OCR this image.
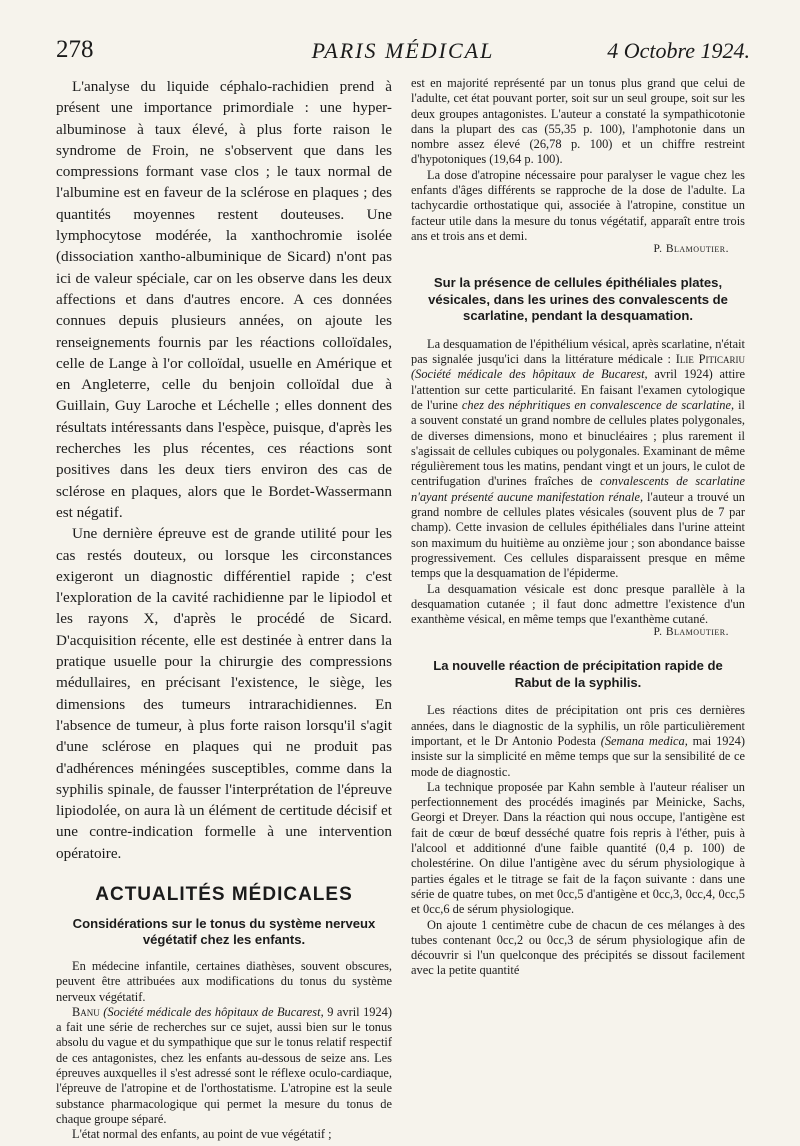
278	PARIS MÉDICAL	4 Octobre 1924.

L'analyse du liquide céphalo-rachidien prend à présent une importance primordiale : une hyper-albuminose à taux élevé, à plus forte raison le syndrome de Froin, ne s'observent que dans les compressions formant vase clos ; le taux normal de l'albumine est en faveur de la sclérose en plaques ; des quantités moyennes restent douteuses. Une lymphocytose modérée, la xanthochromie isolée (dissociation xantho-albuminique de Sicard) n'ont pas ici de valeur spéciale, car on les observe dans les deux affections et dans d'autres encore. A ces données connues depuis plusieurs années, on ajoute les renseignements fournis par les réactions colloïdales, celle de Lange à l'or colloïdal, usuelle en Amérique et en Angleterre, celle du benjoin colloïdal due à Guillain, Guy Laroche et Léchelle ; elles donnent des résultats intéressants dans l'espèce, puisque, d'après les recherches les plus récentes, ces réactions sont positives dans les deux tiers environ des cas de sclérose en plaques, alors que le Bordet-Wassermann est négatif.

Une dernière épreuve est de grande utilité pour les cas restés douteux, ou lorsque les circonstances exigeront un diagnostic différentiel rapide ; c'est l'exploration de la cavité rachidienne par le lipiodol et les rayons X, d'après le procédé de Sicard. D'acquisition récente, elle est destinée à entrer dans la pratique usuelle pour la chirurgie des compressions médullaires, en précisant l'existence, le siège, les dimensions des tumeurs intrarachidiennes. En l'absence de tumeur, à plus forte raison lorsqu'il s'agit d'une sclérose en plaques qui ne produit pas d'adhérences méningées susceptibles, comme dans la syphilis spinale, de fausser l'interprétation de l'épreuve lipiodolée, on aura là un élément de certitude décisif et une contre-indication formelle à une intervention opératoire.

ACTUALITÉS MÉDICALES
Considérations sur le tonus du système nerveux végétatif chez les enfants.

En médecine infantile, certaines diathèses, souvent obscures, peuvent être attribuées aux modifications du tonus du système nerveux végétatif.

Banu (Société médicale des hôpitaux de Bucarest, 9 avril 1924) a fait une série de recherches sur ce sujet, aussi bien sur le tonus absolu du vague et du sympathique que sur le tonus relatif respectif de ces antagonistes, chez les enfants au-dessous de seize ans. Les épreuves auxquelles il s'est adressé sont le réflexe oculo-cardiaque, l'épreuve de l'atropine et de l'orthostatisme. L'atropine est la seule substance pharmacologique qui permet la mesure du tonus de chaque groupe séparé.

L'état normal des enfants, au point de vue végétatif ;

est en majorité représenté par un tonus plus grand que celui de l'adulte, cet état pouvant porter, soit sur un seul groupe, soit sur les deux groupes antagonistes. L'auteur a constaté la sympathicotonie dans la plupart des cas (55,35 p. 100), l'amphotonie dans un nombre assez élevé (26,78 p. 100) et un chiffre restreint d'hypotoniques (19,64 p. 100).

La dose d'atropine nécessaire pour paralyser le vague chez les enfants d'âges différents se rapproche de la dose de l'adulte. La tachycardie orthostatique qui, associée à l'atropine, constitue un facteur utile dans la mesure du tonus végétatif, apparaît entre trois ans et trois ans et demi.

P. Blamoutier.
Sur la présence de cellules épithéliales plates, vésicales, dans les urines des convalescents de scarlatine, pendant la desquamation.

La desquamation de l'épithélium vésical, après scarlatine, n'était pas signalée jusqu'ici dans la littérature médicale : Ilie Piticariu (Société médicale des hôpitaux de Bucarest, avril 1924) attire l'attention sur cette particularité. En faisant l'examen cytologique de l'urine chez des néphritiques en convalescence de scarlatine, il a souvent constaté un grand nombre de cellules plates polygonales, de diverses dimensions, mono et binucléaires ; plus rarement il s'agissait de cellules cubiques ou polygonales. Examinant de même régulièrement tous les matins, pendant vingt et un jours, le culot de centrifugation d'urines fraîches de convalescents de scarlatine n'ayant présenté aucune manifestation rénale, l'auteur a trouvé un grand nombre de cellules plates vésicales (souvent plus de 7 par champ). Cette invasion de cellules épithéliales dans l'urine atteint son maximum du huitième au onzième jour ; son abondance baisse progressivement. Ces cellules disparaissent presque en même temps que la desquamation de l'épiderme.

La desquamation vésicale est donc presque parallèle à la desquamation cutanée ; il faut donc admettre l'existence d'un exanthème vésical, en même temps que l'exanthème cutané.

P. Blamoutier.
La nouvelle réaction de précipitation rapide de Rabut de la syphilis.

Les réactions dites de précipitation ont pris ces dernières années, dans le diagnostic de la syphilis, un rôle particulièrement important, et le Dr Antonio Podesta (Semana medica, mai 1924) insiste sur la simplicité en même temps que sur la sensibilité de ce mode de diagnostic.

La technique proposée par Kahn semble à l'auteur réaliser un perfectionnement des procédés imaginés par Meinicke, Sachs, Georgi et Dreyer. Dans la réaction qui nous occupe, l'antigène est fait de cœur de bœuf desséché quatre fois repris à l'éther, puis à l'alcool et additionné d'une faible quantité (0,4 p. 100) de cholestérine. On dilue l'antigène avec du sérum physiologique à parties égales et le titrage se fait de la façon suivante : dans une série de quatre tubes, on met 0cc,5 d'antigène et 0cc,3, 0cc,4, 0cc,5 et 0cc,6 de sérum physiologique.

On ajoute 1 centimètre cube de chacun de ces mélanges à des tubes contenant 0cc,2 ou 0cc,3 de sérum physiologique afin de découvrir si l'un quelconque des précipités se dissout facilement avec la petite quantité
